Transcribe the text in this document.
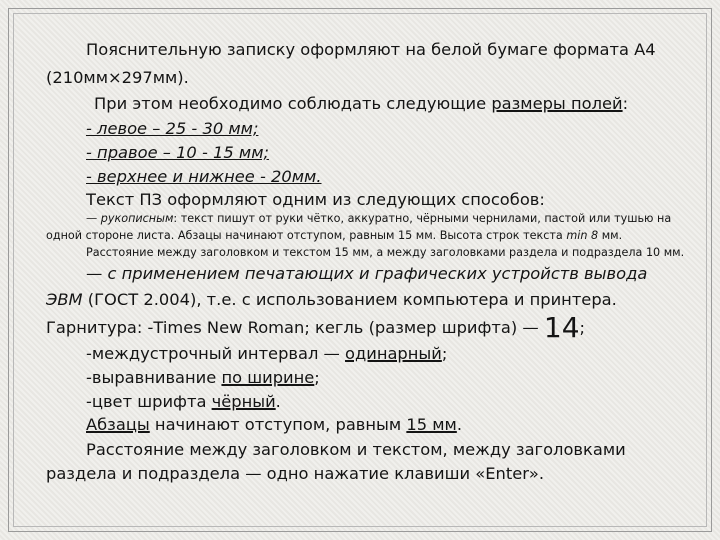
Пояснительную записку оформляют на белой бумаге формата А4
(210мм×297мм).
При этом необходимо соблюдать следующие размеры полей:
- левое – 25 - 30 мм;
- правое – 10 - 15 мм;
- верхнее и нижнее - 20мм.
Текст ПЗ оформляют одним из следующих способов:
— рукописным: текст пишут от руки чётко, аккуратно, чёрными чернилами, пастой или тушью на
одной стороне листа. Абзацы начинают отступом, равным 15 мм. Высота строк текста min 8 мм.
Расстояние между заголовком и текстом 15 мм, а между заголовками раздела и подраздела 10 мм.
— с применением печатающих и графических устройств вывода
ЭВМ (ГОСТ 2.004), т.е. с использованием компьютера и принтера.
Гарнитура: -Times New Roman; кегль (размер шрифта) — 14;
-междустрочный интервал — одинарный;
-выравнивание по ширине;
-цвет шрифта чёрный.
Абзацы начинают отступом, равным 15 мм.
Расстояние между заголовком и текстом, между заголовками
раздела и подраздела — одно нажатие клавиши «Enter».
